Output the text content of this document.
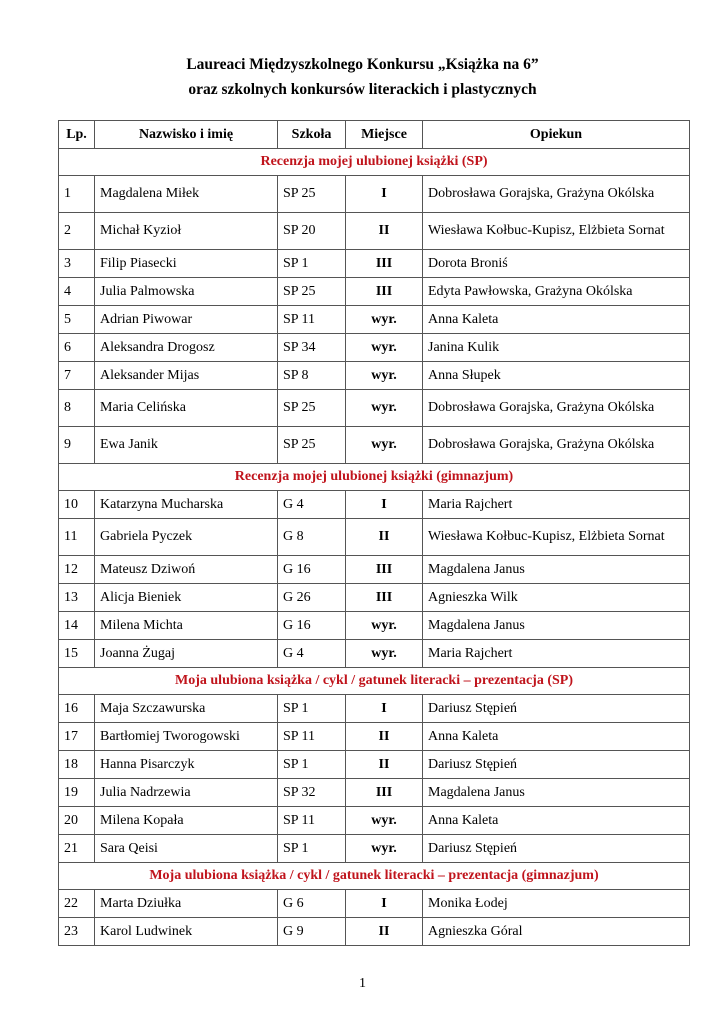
Laureaci Międzyszkolnego Konkursu „Książka na 6”
oraz szkolnych konkursów literackich i plastycznych
Lp.	Nazwisko i imię	Szkoła	Miejsce	Opiekun
Recenzja mojej ulubionej książki (SP)				
1	Magdalena Miłek	SP 25	I	Dobrosława Gorajska, Grażyna Okólska
2	Michał Kyzioł	SP 20	II	Wiesława Kołbuc-Kupisz, Elżbieta Sornat
3	Filip Piasecki	SP 1	III	Dorota Broniś
4	Julia Palmowska	SP 25	III	Edyta Pawłowska, Grażyna Okólska
5	Adrian Piwowar	SP 11	wyr.	Anna Kaleta
6	Aleksandra Drogosz	SP 34	wyr.	Janina Kulik
7	Aleksander Mijas	SP 8	wyr.	Anna Słupek
8	Maria Celińska	SP 25	wyr.	Dobrosława Gorajska, Grażyna Okólska
9	Ewa Janik	SP 25	wyr.	Dobrosława Gorajska, Grażyna Okólska
Recenzja mojej ulubionej książki (gimnazjum)				
10	Katarzyna Mucharska	G 4	I	Maria Rajchert
11	Gabriela Pyczek	G 8	II	Wiesława Kołbuc-Kupisz, Elżbieta Sornat
12	Mateusz Dziwoń	G 16	III	Magdalena Janus
13	Alicja Bieniek	G 26	III	Agnieszka Wilk
14	Milena Michta	G 16	wyr.	Magdalena Janus
15	Joanna Żugaj	G 4	wyr.	Maria Rajchert
Moja ulubiona książka / cykl / gatunek literacki – prezentacja (SP)				
16	Maja Szczawurska	SP 1	I	Dariusz Stępień
17	Bartłomiej Tworogowski	SP 11	II	Anna Kaleta
18	Hanna Pisarczyk	SP 1	II	Dariusz Stępień
19	Julia Nadrzewia	SP 32	III	Magdalena Janus
20	Milena Kopała	SP 11	wyr.	Anna Kaleta
21	Sara Qeisi	SP 1	wyr.	Dariusz Stępień
Moja ulubiona książka / cykl / gatunek literacki – prezentacja (gimnazjum)				
22	Marta Dziułka	G 6	I	Monika Łodej
23	Karol Ludwinek	G 9	II	Agnieszka Góral
1
